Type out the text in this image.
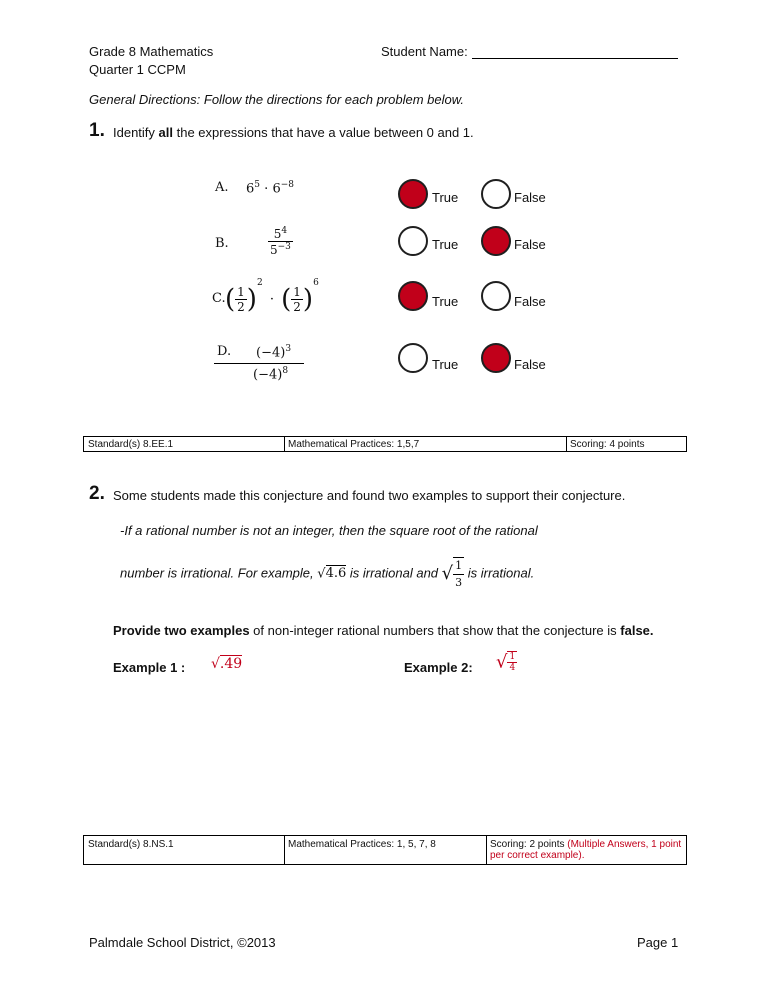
Grade 8 Mathematics
Quarter 1 CCPM
Student Name:
General Directions: Follow the directions for each problem below.
1. Identify all the expressions that have a value between 0 and 1.
A. $6^5 \cdot 6^{-8}$
True	False
B.	$\frac{5^4}{5^{-3}}$	True	False
C. ( $\frac{1}{2} )^2$ · ( $\frac{1}{2} )^6$
True	False
D. $(-4)^3$
$(-4)^8$	True	False
Standard(s) 8.EE.1	Mathematical Practices: 1,5,7	Scoring: 4 points
2. Some students made this conjecture and found two examples to support their conjecture.
-If a rational number is not an integer, then the square root of the rational
number is irrational. For example, √4.6 is irrational and √ $\frac{1}{3}$ is irrational.
Provide two examples of non-integer rational numbers that show that the conjecture is false.
Example 1 : √.49	Example 2: √ $\frac{1}{4}$
Standard(s) 8.NS.1	Mathematical Practices: 1, 5, 7, 8	Scoring: 2 points (Multiple Answers, 1 point per correct example).
Palmdale School District, ©2013	Page 1
